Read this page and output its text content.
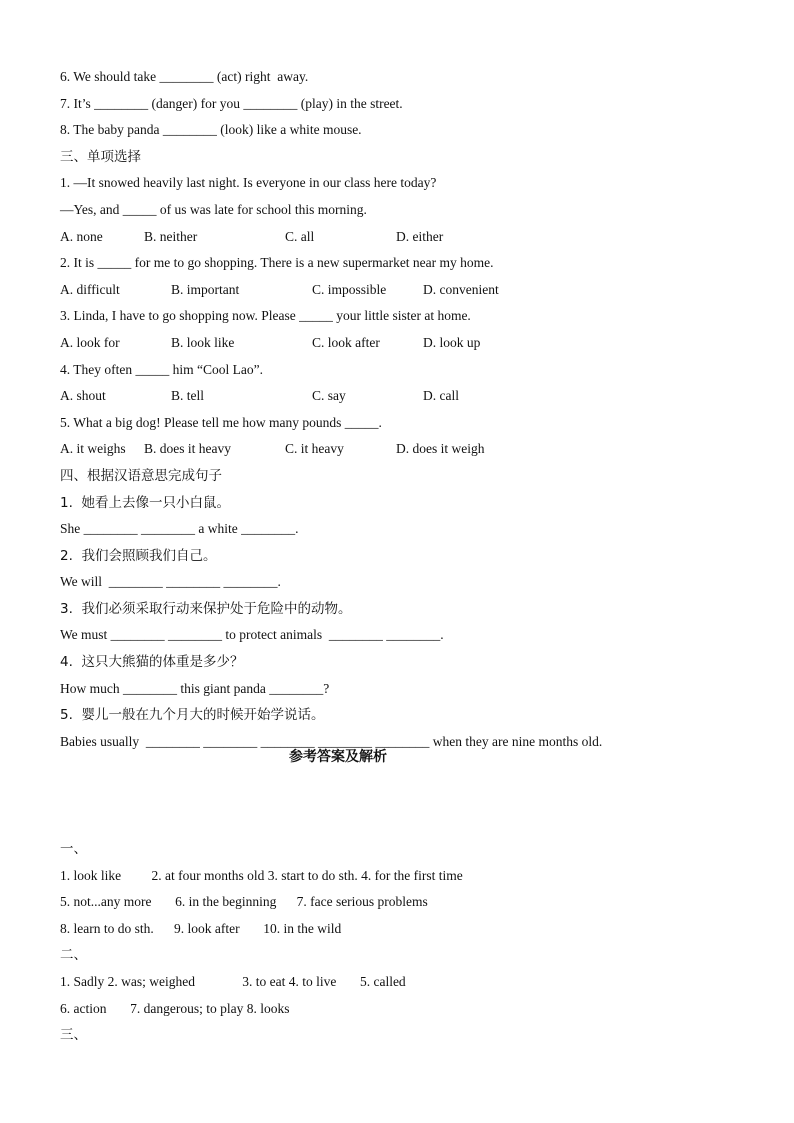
6. We should take ________ (act) right  away.
7. It’s ________ (danger) for you ________ (play) in the street.
8. The baby panda ________ (look) like a white mouse.
三、单项选择
1. —It snowed heavily last night. Is everyone in our class here today?
—Yes, and _____ of us was late for school this morning.
A. none	B. neither	C. all	D. either
2. It is _____ for me to go shopping. There is a new supermarket near my home.
A. difficult	B. important	C. impossible	D. convenient
3. Linda, I have to go shopping now. Please _____ your little sister at home.
A. look for	B. look like	C. look after	D. look up
4. They often _____ him “Cool Lao”.
A. shout	B. tell	C. say	D. call
5. What a big dog! Please tell me how many pounds _____.
A. it weighs	B. does it heavy	C. it heavy	D. does it weigh
四、根据汉语意思完成句子
1.  她看上去像一只小白鼠。
She ________ ________ a white ________.
2.  我们会照顾我们自己。
We will  ________ ________ ________.
3.  我们必须采取行动来保护处于危险中的动物。
We must ________ ________ to protect animals  ________ ________.
4.  这只大熊猫的体重是多少？
How much ________ this giant panda ________?
5.  婴儿一般在九个月大的时候开始学说话。
Babies usually  ________ ________ ________ ________ ________ when they are nine months old.
参考答案及解析
一、
1. look like         2. at four months old 3. start to do sth. 4. for the first time
5. not...any more       6. in the beginning      7. face serious problems
8. learn to do sth.      9. look after       10. in the wild
二、
1. Sadly 2. was; weighed              3. to eat 4. to live       5. called
6. action       7. dangerous; to play 8. looks
三、
